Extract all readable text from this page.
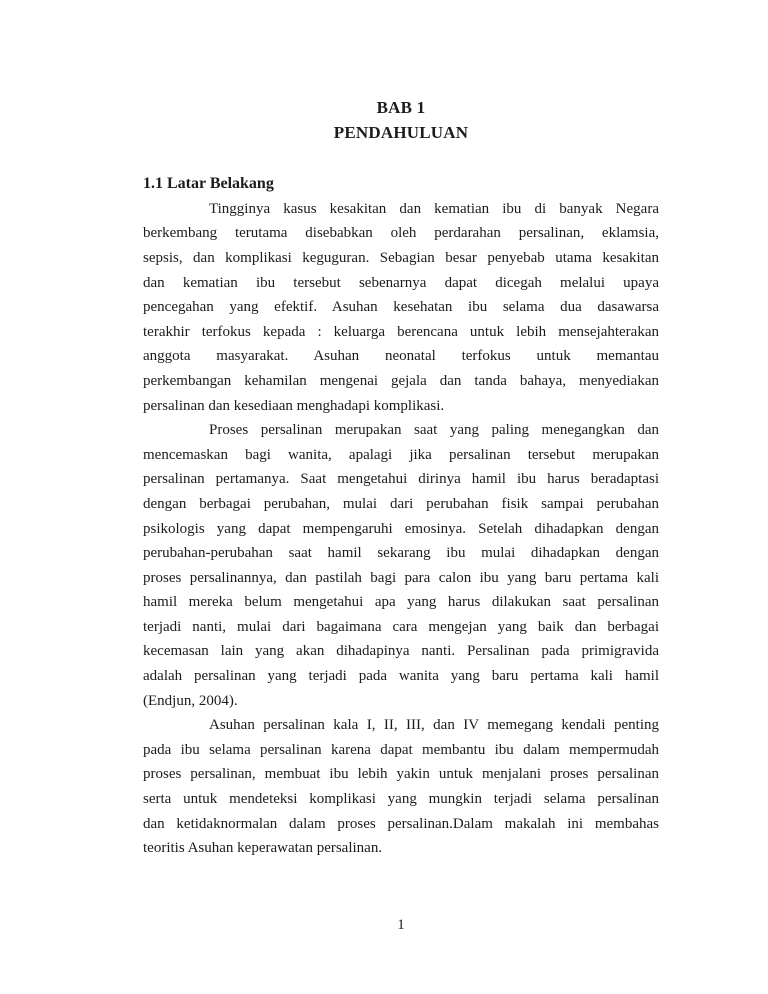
BAB 1
PENDAHULUAN
1.1 Latar Belakang
Tingginya kasus kesakitan dan kematian ibu di banyak Negara
berkembang terutama disebabkan oleh perdarahan persalinan, eklamsia,
sepsis, dan komplikasi keguguran. Sebagian besar penyebab utama kesakitan
dan kematian ibu tersebut sebenarnya dapat dicegah melalui upaya
pencegahan yang efektif. Asuhan kesehatan ibu selama dua dasawarsa
terakhir terfokus kepada : keluarga berencana untuk lebih mensejahterakan
anggota masyarakat. Asuhan neonatal terfokus untuk memantau
perkembangan kehamilan mengenai gejala dan tanda bahaya, menyediakan
persalinan dan kesediaan menghadapi komplikasi.
Proses persalinan merupakan saat yang paling menegangkan dan
mencemaskan bagi wanita, apalagi jika persalinan tersebut merupakan
persalinan pertamanya. Saat mengetahui dirinya hamil ibu harus beradaptasi
dengan berbagai perubahan, mulai dari perubahan fisik sampai perubahan
psikologis yang dapat mempengaruhi emosinya. Setelah dihadapkan dengan
perubahan-perubahan saat hamil sekarang ibu mulai dihadapkan dengan
proses persalinannya, dan pastilah bagi para calon ibu yang baru pertama kali
hamil mereka belum mengetahui apa yang harus dilakukan saat persalinan
terjadi nanti, mulai dari bagaimana cara mengejan yang baik dan berbagai
kecemasan lain yang akan dihadapinya nanti. Persalinan pada primigravida
adalah persalinan yang terjadi pada wanita yang baru pertama kali hamil
(Endjun, 2004).
Asuhan persalinan kala I, II, III, dan IV memegang kendali penting
pada ibu selama persalinan karena dapat membantu ibu dalam mempermudah
proses persalinan, membuat ibu lebih yakin untuk menjalani proses persalinan
serta untuk mendeteksi komplikasi yang mungkin terjadi selama persalinan
dan ketidaknormalan dalam proses persalinan.Dalam makalah ini membahas
teoritis Asuhan keperawatan persalinan.
1
